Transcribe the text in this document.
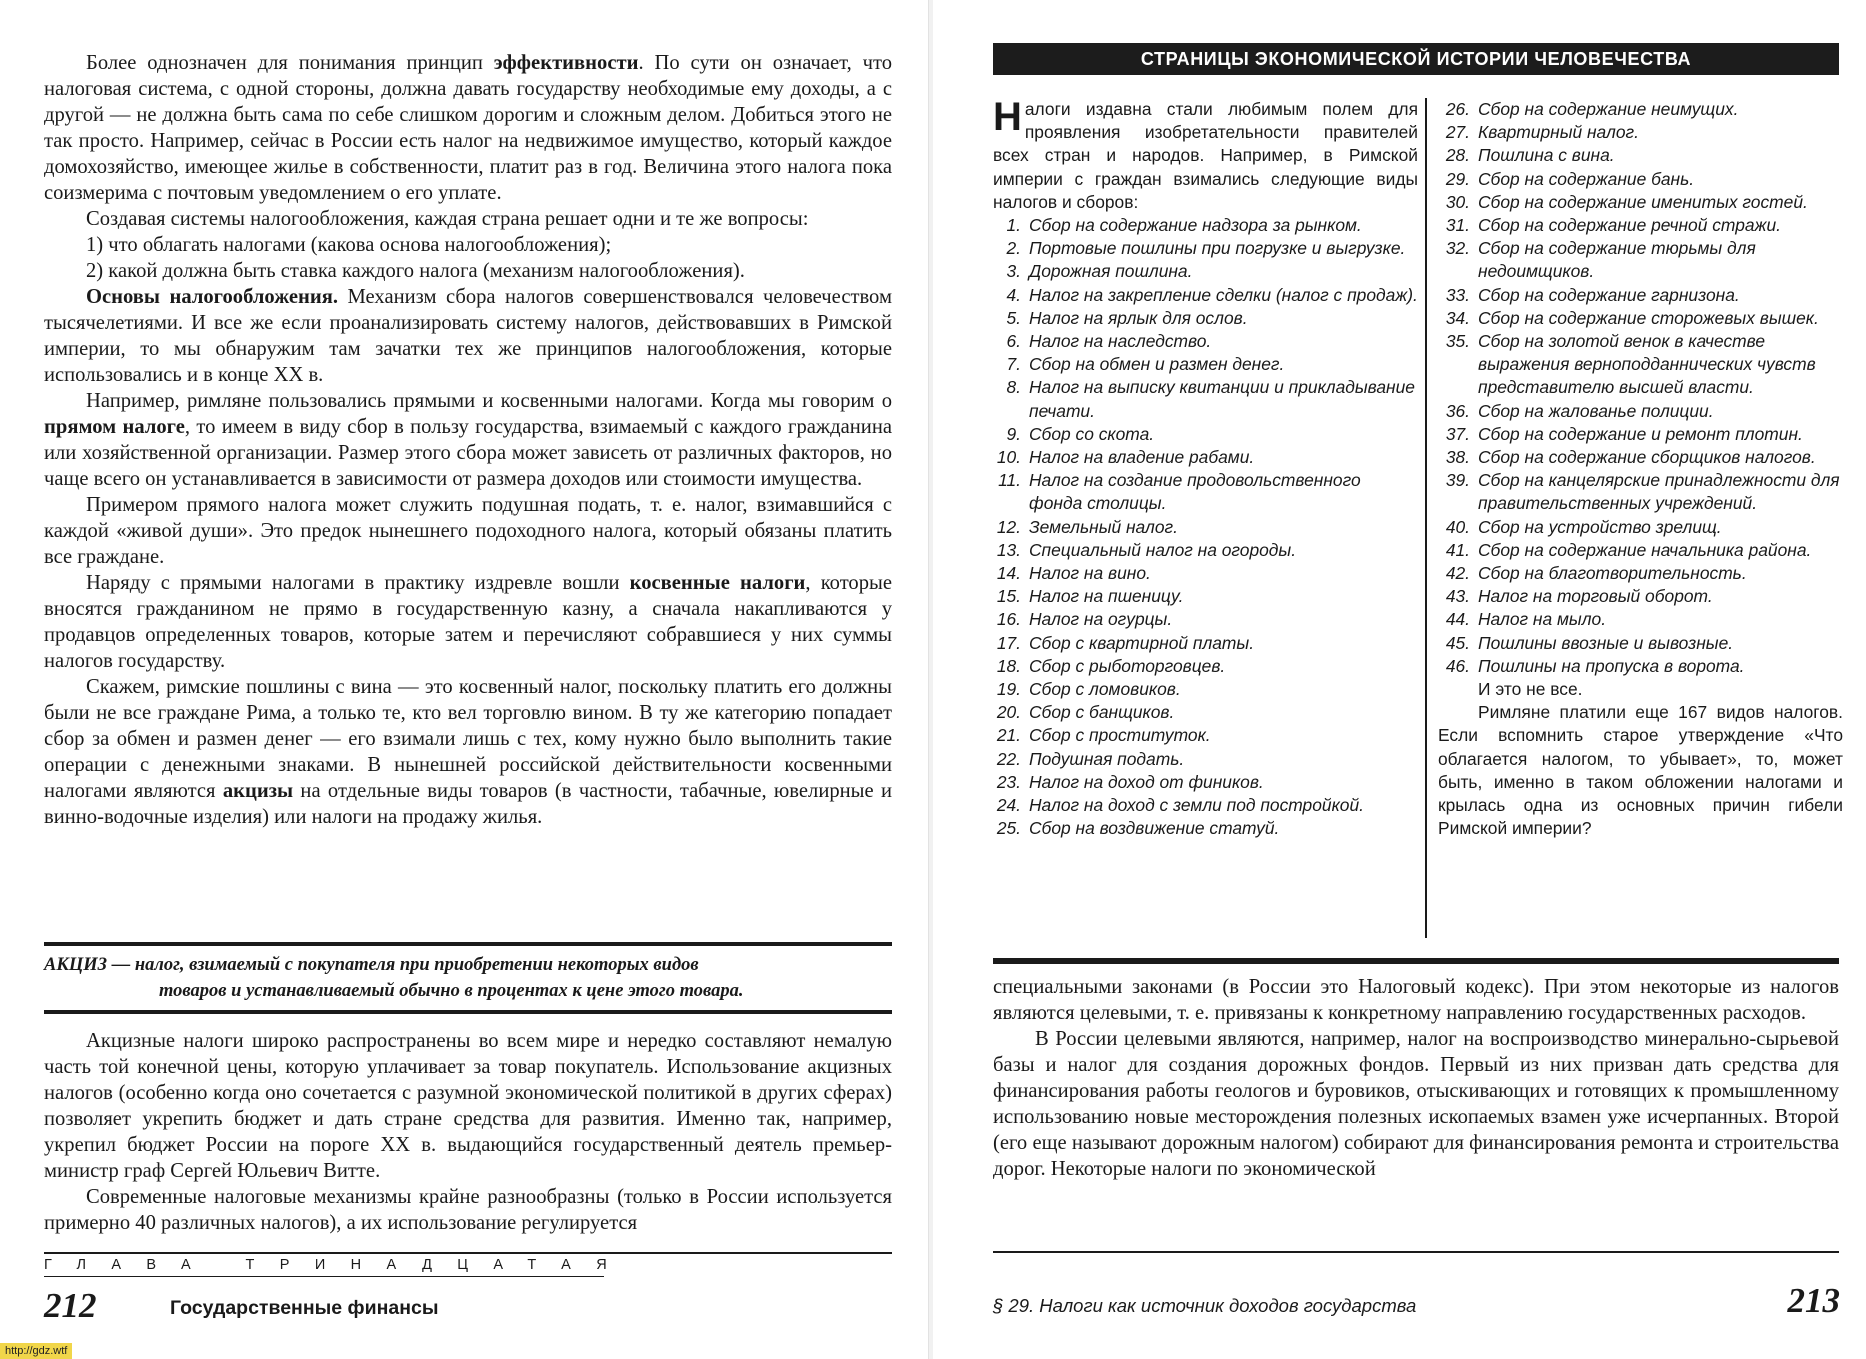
Более однозначен для понимания принцип эффективности. По сути он означает, что налоговая система, с одной стороны, должна давать государству необходимые ему доходы, а с другой — не должна быть сама по себе слишком дорогим и сложным делом. Добиться этого не так просто. Например, сейчас в России есть налог на недвижимое имущество, который каждое домохозяйство, имеющее жилье в собственности, платит раз в год. Величина этого налога пока соизмерима с почтовым уведомлением о его уплате.

Создавая системы налогообложения, каждая страна решает одни и те же вопросы:

1) что облагать налогами (какова основа налогообложения);

2) какой должна быть ставка каждого налога (механизм налогообложения).

Основы налогообложения. Механизм сбора налогов совершенствовался человечеством тысячелетиями. И все же если проанализировать систему налогов, действовавших в Римской империи, то мы обнаружим там зачатки тех же принципов налогообложения, которые использовались и в конце XX в.

Например, римляне пользовались прямыми и косвенными налогами. Когда мы говорим о прямом налоге, то имеем в виду сбор в пользу государства, взимаемый с каждого гражданина или хозяйственной организации. Размер этого сбора может зависеть от различных факторов, но чаще всего он устанавливается в зависимости от размера доходов или стоимости имущества.

Примером прямого налога может служить подушная подать, т. е. налог, взимавшийся с каждой «живой души». Это предок нынешнего подоходного налога, который обязаны платить все граждане.

Наряду с прямыми налогами в практику издревле вошли косвенные налоги, которые вносятся гражданином не прямо в государственную казну, а сначала накапливаются у продавцов определенных товаров, которые затем и перечисляют собравшиеся у них суммы налогов государству.

Скажем, римские пошлины с вина — это косвенный налог, поскольку платить его должны были не все граждане Рима, а только те, кто вел торговлю вином. В ту же категорию попадает сбор за обмен и размен денег — его взимали лишь с тех, кому нужно было выполнить такие операции с денежными знаками. В нынешней российской действительности косвенными налогами являются акцизы на отдельные виды товаров (в частности, табачные, ювелирные и винно-водочные изделия) или налоги на продажу жилья.

АКЦИЗ — налог, взимаемый с покупателя при приобретении некоторых видов
товаров и устанавливаемый обычно в процентах к цене этого товара.

Акцизные налоги широко распространены во всем мире и нередко составляют немалую часть той конечной цены, которую уплачивает за товар покупатель. Использование акцизных налогов (особенно когда оно сочетается с разумной экономической политикой в других сферах) позволяет укрепить бюджет и дать стране средства для развития. Именно так, например, укрепил бюджет России на пороге XX в. выдающийся государственный деятель премьер-министр граф Сергей Юльевич Витте.

Современные налоговые механизмы крайне разнообразны (только в России используется примерно 40 различных налогов), а их использование регулируется

ГЛАВА ТРИНАДЦАТАЯ
212	Государственные финансы
http://gdz.wtf
СТРАНИЦЫ ЭКОНОМИЧЕСКОЙ ИСТОРИИ ЧЕЛОВЕЧЕСТВА

Налоги издавна стали любимым полем для проявления изобретательности правителей всех стран и народов. Например, в Римской империи с граждан взимались следующие виды налогов и сборов:

1. Сбор на содержание надзора за рынком.
2. Портовые пошлины при погрузке и выгрузке.
3. Дорожная пошлина.
4. Налог на закрепление сделки (налог с продаж).
5. Налог на ярлык для ослов.
6. Налог на наследство.
7. Сбор на обмен и размен денег.
8. Налог на выписку квитанции и прикладывание печати.
9. Сбор со скота.
10. Налог на владение рабами.
11. Налог на создание продовольственного фонда столицы.
12. Земельный налог.
13. Специальный налог на огороды.
14. Налог на вино.
15. Налог на пшеницу.
16. Налог на огурцы.
17. Сбор с квартирной платы.
18. Сбор с рыботорговцев.
19. Сбор с ломовиков.
20. Сбор с банщиков.
21. Сбор с проституток.
22. Подушная подать.
23. Налог на доход от фиников.
24. Налог на доход с земли под постройкой.
25. Сбор на воздвижение статуй.
26. Сбор на содержание неимущих.
27. Квартирный налог.
28. Пошлина с вина.
29. Сбор на содержание бань.
30. Сбор на содержание именитых гостей.
31. Сбор на содержание речной стражи.
32. Сбор на содержание тюрьмы для недоимщиков.
33. Сбор на содержание гарнизона.
34. Сбор на содержание сторожевых вышек.
35. Сбор на золотой венок в качестве выражения верноподданнических чувств представителю высшей власти.
36. Сбор на жалованье полиции.
37. Сбор на содержание и ремонт плотин.
38. Сбор на содержание сборщиков налогов.
39. Сбор на канцелярские принадлежности для правительственных учреждений.
40. Сбор на устройство зрелищ.
41. Сбор на содержание начальника района.
42. Сбор на благотворительность.
43. Налог на торговый оборот.
44. Налог на мыло.
45. Пошлины ввозные и вывозные.
46. Пошлины на пропуска в ворота.

И это не все.

Римляне платили еще 167 видов налогов. Если вспомнить старое утверждение «Что облагается налогом, то убывает», то, может быть, именно в таком обложении налогами и крылась одна из основных причин гибели Римской империи?

специальными законами (в России это Налоговый кодекс). При этом некоторые из налогов являются целевыми, т. е. привязаны к конкретному направлению государственных расходов.

В России целевыми являются, например, налог на воспроизводство минерально-сырьевой базы и налог для создания дорожных фондов. Первый из них призван дать средства для финансирования работы геологов и буровиков, отыскивающих и готовящих к промышленному использованию новые месторождения полезных ископаемых взамен уже исчерпанных. Второй (его еще называют дорожным налогом) собирают для финансирования ремонта и строительства дорог. Некоторые налоги по экономической

§ 29. Налоги как источник доходов государства	213
